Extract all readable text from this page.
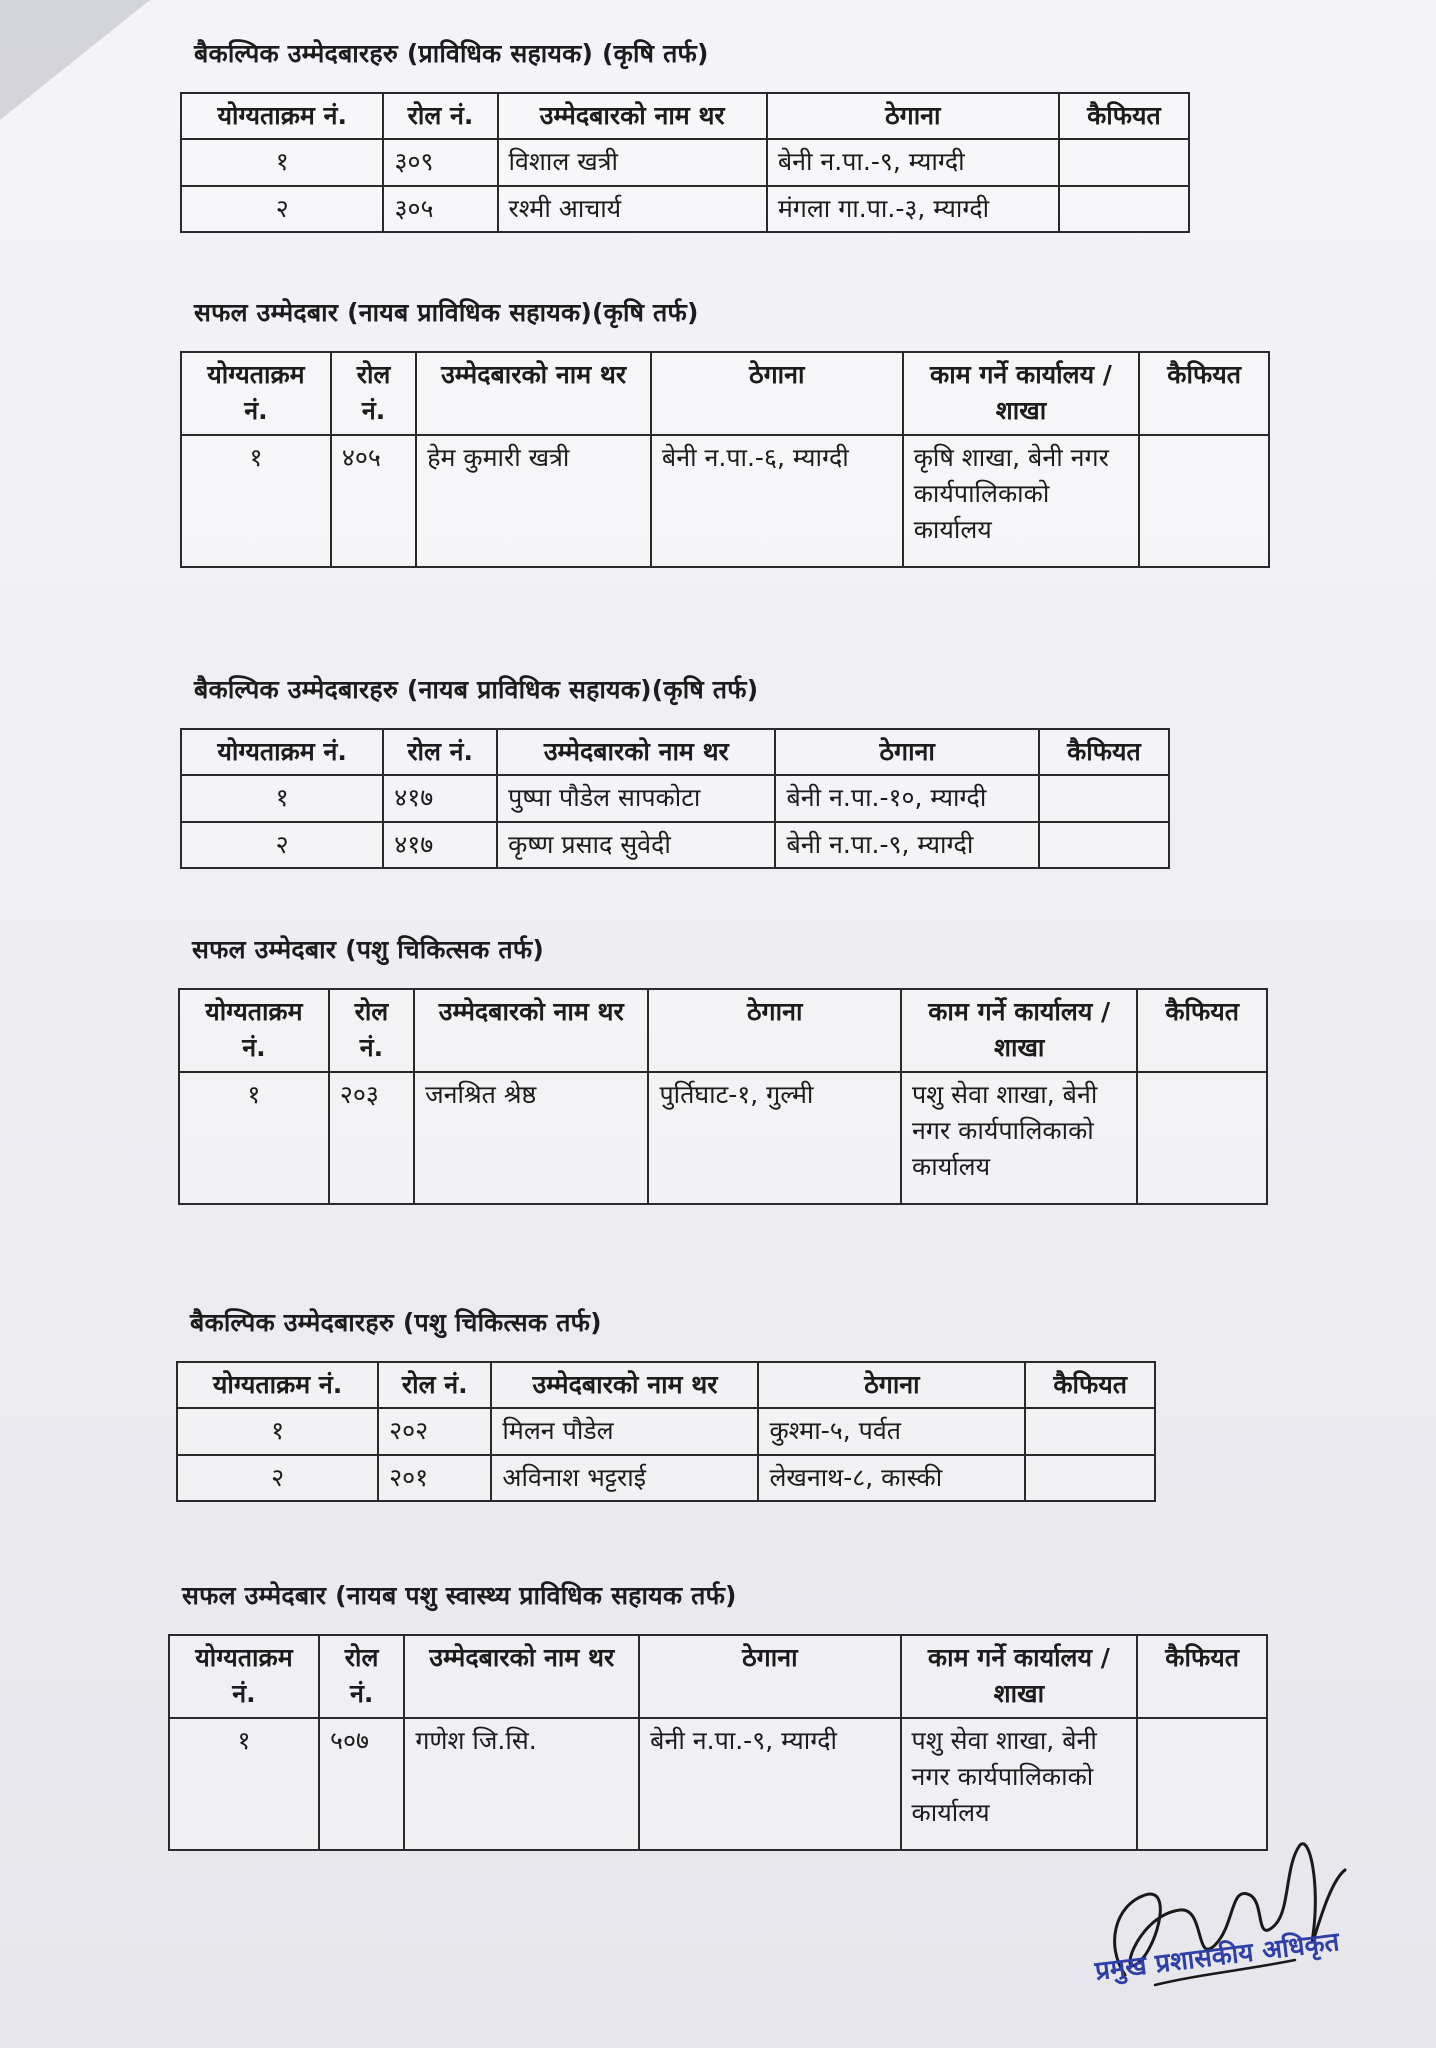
बैकल्पिक उम्मेदबारहरु (प्राविधिक सहायक) (कृषि तर्फ)
योग्यताक्रम नं.	रोल नं.	उम्मेदबारको नाम थर	ठेगाना	कैफियत
१	३०९	विशाल खत्री	बेनी न.पा.-९, म्याग्दी	
२	३०५	रश्मी आचार्य	मंगला गा.पा.-३, म्याग्दी	
सफल उम्मेदबार (नायब प्राविधिक सहायक)(कृषि तर्फ)
योग्यताक्रम नं.	रोल नं.	उम्मेदबारको नाम थर	ठेगाना	काम गर्ने कार्यालय / शाखा	कैफियत
१	४०५	हेम कुमारी खत्री	बेनी न.पा.-६, म्याग्दी	कृषि शाखा, बेनी नगर कार्यपालिकाको कार्यालय	
बैकल्पिक उम्मेदबारहरु (नायब प्राविधिक सहायक)(कृषि तर्फ)
योग्यताक्रम नं.	रोल नं.	उम्मेदबारको नाम थर	ठेगाना	कैफियत
१	४१७	पुष्पा पौडेल सापकोटा	बेनी न.पा.-१०, म्याग्दी	
२	४१७	कृष्ण प्रसाद सुवेदी	बेनी न.पा.-९, म्याग्दी	
सफल उम्मेदबार (पशु चिकित्सक तर्फ)
योग्यताक्रम नं.	रोल नं.	उम्मेदबारको नाम थर	ठेगाना	काम गर्ने कार्यालय / शाखा	कैफियत
१	२०३	जनश्रित श्रेष्ठ	पुर्तिघाट-१, गुल्मी	पशु सेवा शाखा, बेनी नगर कार्यपालिकाको कार्यालय	
बैकल्पिक उम्मेदबारहरु (पशु चिकित्सक तर्फ)
योग्यताक्रम नं.	रोल नं.	उम्मेदबारको नाम थर	ठेगाना	कैफियत
१	२०२	मिलन पौडेल	कुश्मा-५, पर्वत	
२	२०१	अविनाश भट्टराई	लेखनाथ-८, कास्की	
सफल उम्मेदबार (नायब पशु स्वास्थ्य प्राविधिक सहायक तर्फ)
योग्यताक्रम नं.	रोल नं.	उम्मेदबारको नाम थर	ठेगाना	काम गर्ने कार्यालय / शाखा	कैफियत
१	५०७	गणेश जि.सि.	बेनी न.पा.-९, म्याग्दी	पशु सेवा शाखा, बेनी नगर कार्यपालिकाको कार्यालय	
प्रमुख प्रशासकीय अधिकृत
